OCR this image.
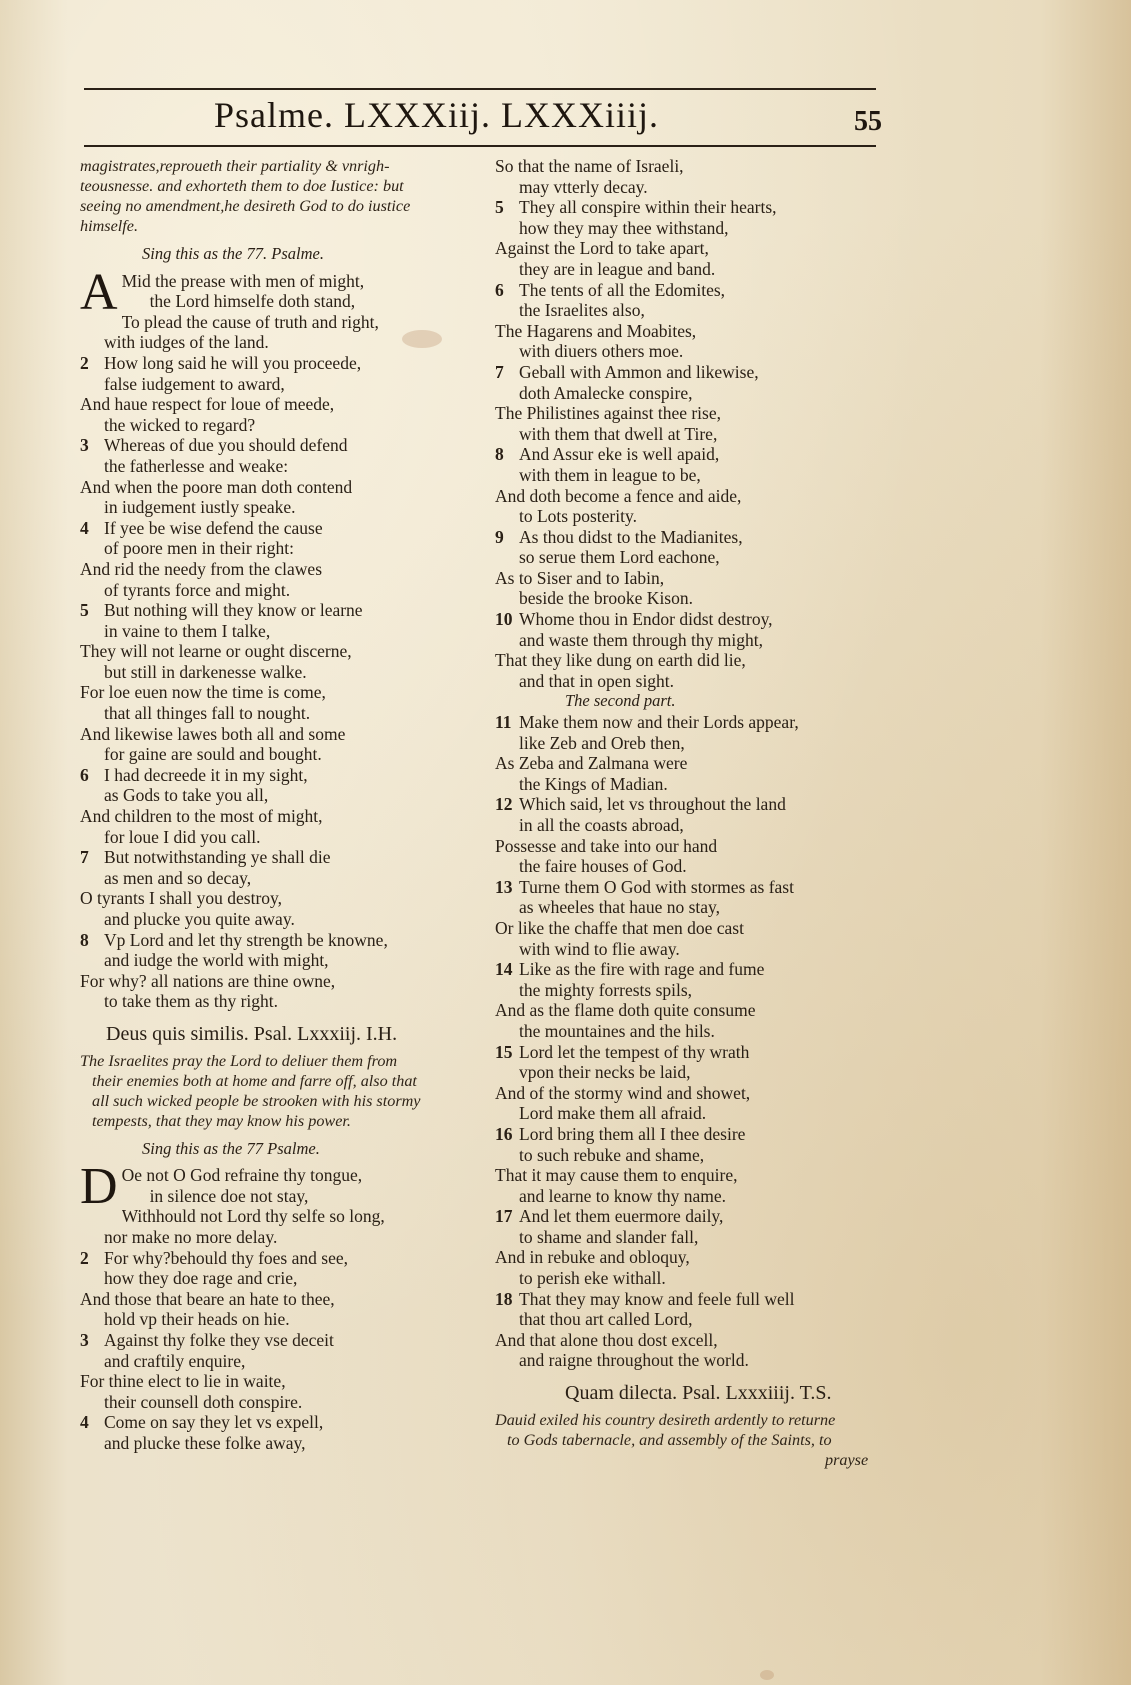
Psalme. LXXXiij. LXXXiiij.	55
magistrates,reproueth their partiality & vnrigh-
teousnesse. and exhorteth them to doe Iustice: but
seeing no amendment,he desireth God to do iustice
himselfe.
Sing this as the 77. Psalme.
A Mid the prease with men of might,
the Lord himselfe doth stand,
To plead the cause of truth and right,
with iudges of the land.
2 How long said he will you proceede,
false iudgement to award,
And haue respect for loue of meede,
the wicked to regard?
3 Whereas of due you should defend
the fatherlesse and weake:
And when the poore man doth contend
in iudgement iustly speake.
4 If yee be wise defend the cause
of poore men in their right:
And rid the needy from the clawes
of tyrants force and might.
5 But nothing will they know or learne
in vaine to them I talke,
They will not learne or ought discerne,
but still in darkenesse walke.
For loe euen now the time is come,
that all thinges fall to nought.
And likewise lawes both all and some
for gaine are sould and bought.
6 I had decreede it in my sight,
as Gods to take you all,
And children to the most of might,
for loue I did you call.
7 But notwithstanding ye shall die
as men and so decay,
O tyrants I shall you destroy,
and plucke you quite away.
8 Vp Lord and let thy strength be knowne,
and iudge the world with might,
For why? all nations are thine owne,
to take them as thy right.
Deus quis similis. Psal. Lxxxiij. I.H.
The Israelites pray the Lord to deliuer them from
their enemies both at home and farre off, also that
all such wicked people be strooken with his stormy
tempests, that they may know his power.
Sing this as the 77 Psalme.
D Oe not O God refraine thy tongue,
in silence doe not stay,
Withhould not Lord thy selfe so long,
nor make no more delay.
2 For why?behould thy foes and see,
how they doe rage and crie,
And those that beare an hate to thee,
hold vp their heads on hie.
3 Against thy folke they vse deceit
and craftily enquire,
For thine elect to lie in waite,
their counsell doth conspire.
4 Come on say they let vs expell,
and plucke these folke away,
So that the name of Israeli,
may vtterly decay.
5 They all conspire within their hearts,
how they may thee withstand,
Against the Lord to take apart,
they are in league and band.
6 The tents of all the Edomites,
the Israelites also,
The Hagarens and Moabites,
with diuers others moe.
7 Geball with Ammon and likewise,
doth Amalecke conspire,
The Philistines against thee rise,
with them that dwell at Tire,
8 And Assur eke is well apaid,
with them in league to be,
And doth become a fence and aide,
to Lots posterity.
9 As thou didst to the Madianites,
so serue them Lord eachone,
As to Siser and to Iabin,
beside the brooke Kison.
10 Whome thou in Endor didst destroy,
and waste them through thy might,
That they like dung on earth did lie,
and that in open sight.
The second part.
11 Make them now and their Lords appear,
like Zeb and Oreb then,
As Zeba and Zalmana were
the Kings of Madian.
12 Which said, let vs throughout the land
in all the coasts abroad,
Possesse and take into our hand
the faire houses of God.
13 Turne them O God with stormes as fast
as wheeles that haue no stay,
Or like the chaffe that men doe cast
with wind to flie away.
14 Like as the fire with rage and fume
the mighty forrests spils,
And as the flame doth quite consume
the mountaines and the hils.
15 Lord let the tempest of thy wrath
vpon their necks be laid,
And of the stormy wind and showet,
Lord make them all afraid.
16 Lord bring them all I thee desire
to such rebuke and shame,
That it may cause them to enquire,
and learne to know thy name.
17 And let them euermore daily,
to shame and slander fall,
And in rebuke and obloquy,
to perish eke withall.
18 That they may know and feele full well
that thou art called Lord,
And that alone thou dost excell,
and raigne throughout the world.
Quam dilecta. Psal. Lxxxiiij. T.S.
Dauid exiled his country desireth ardently to returne
to Gods tabernacle, and assembly of the Saints, to
prayse
